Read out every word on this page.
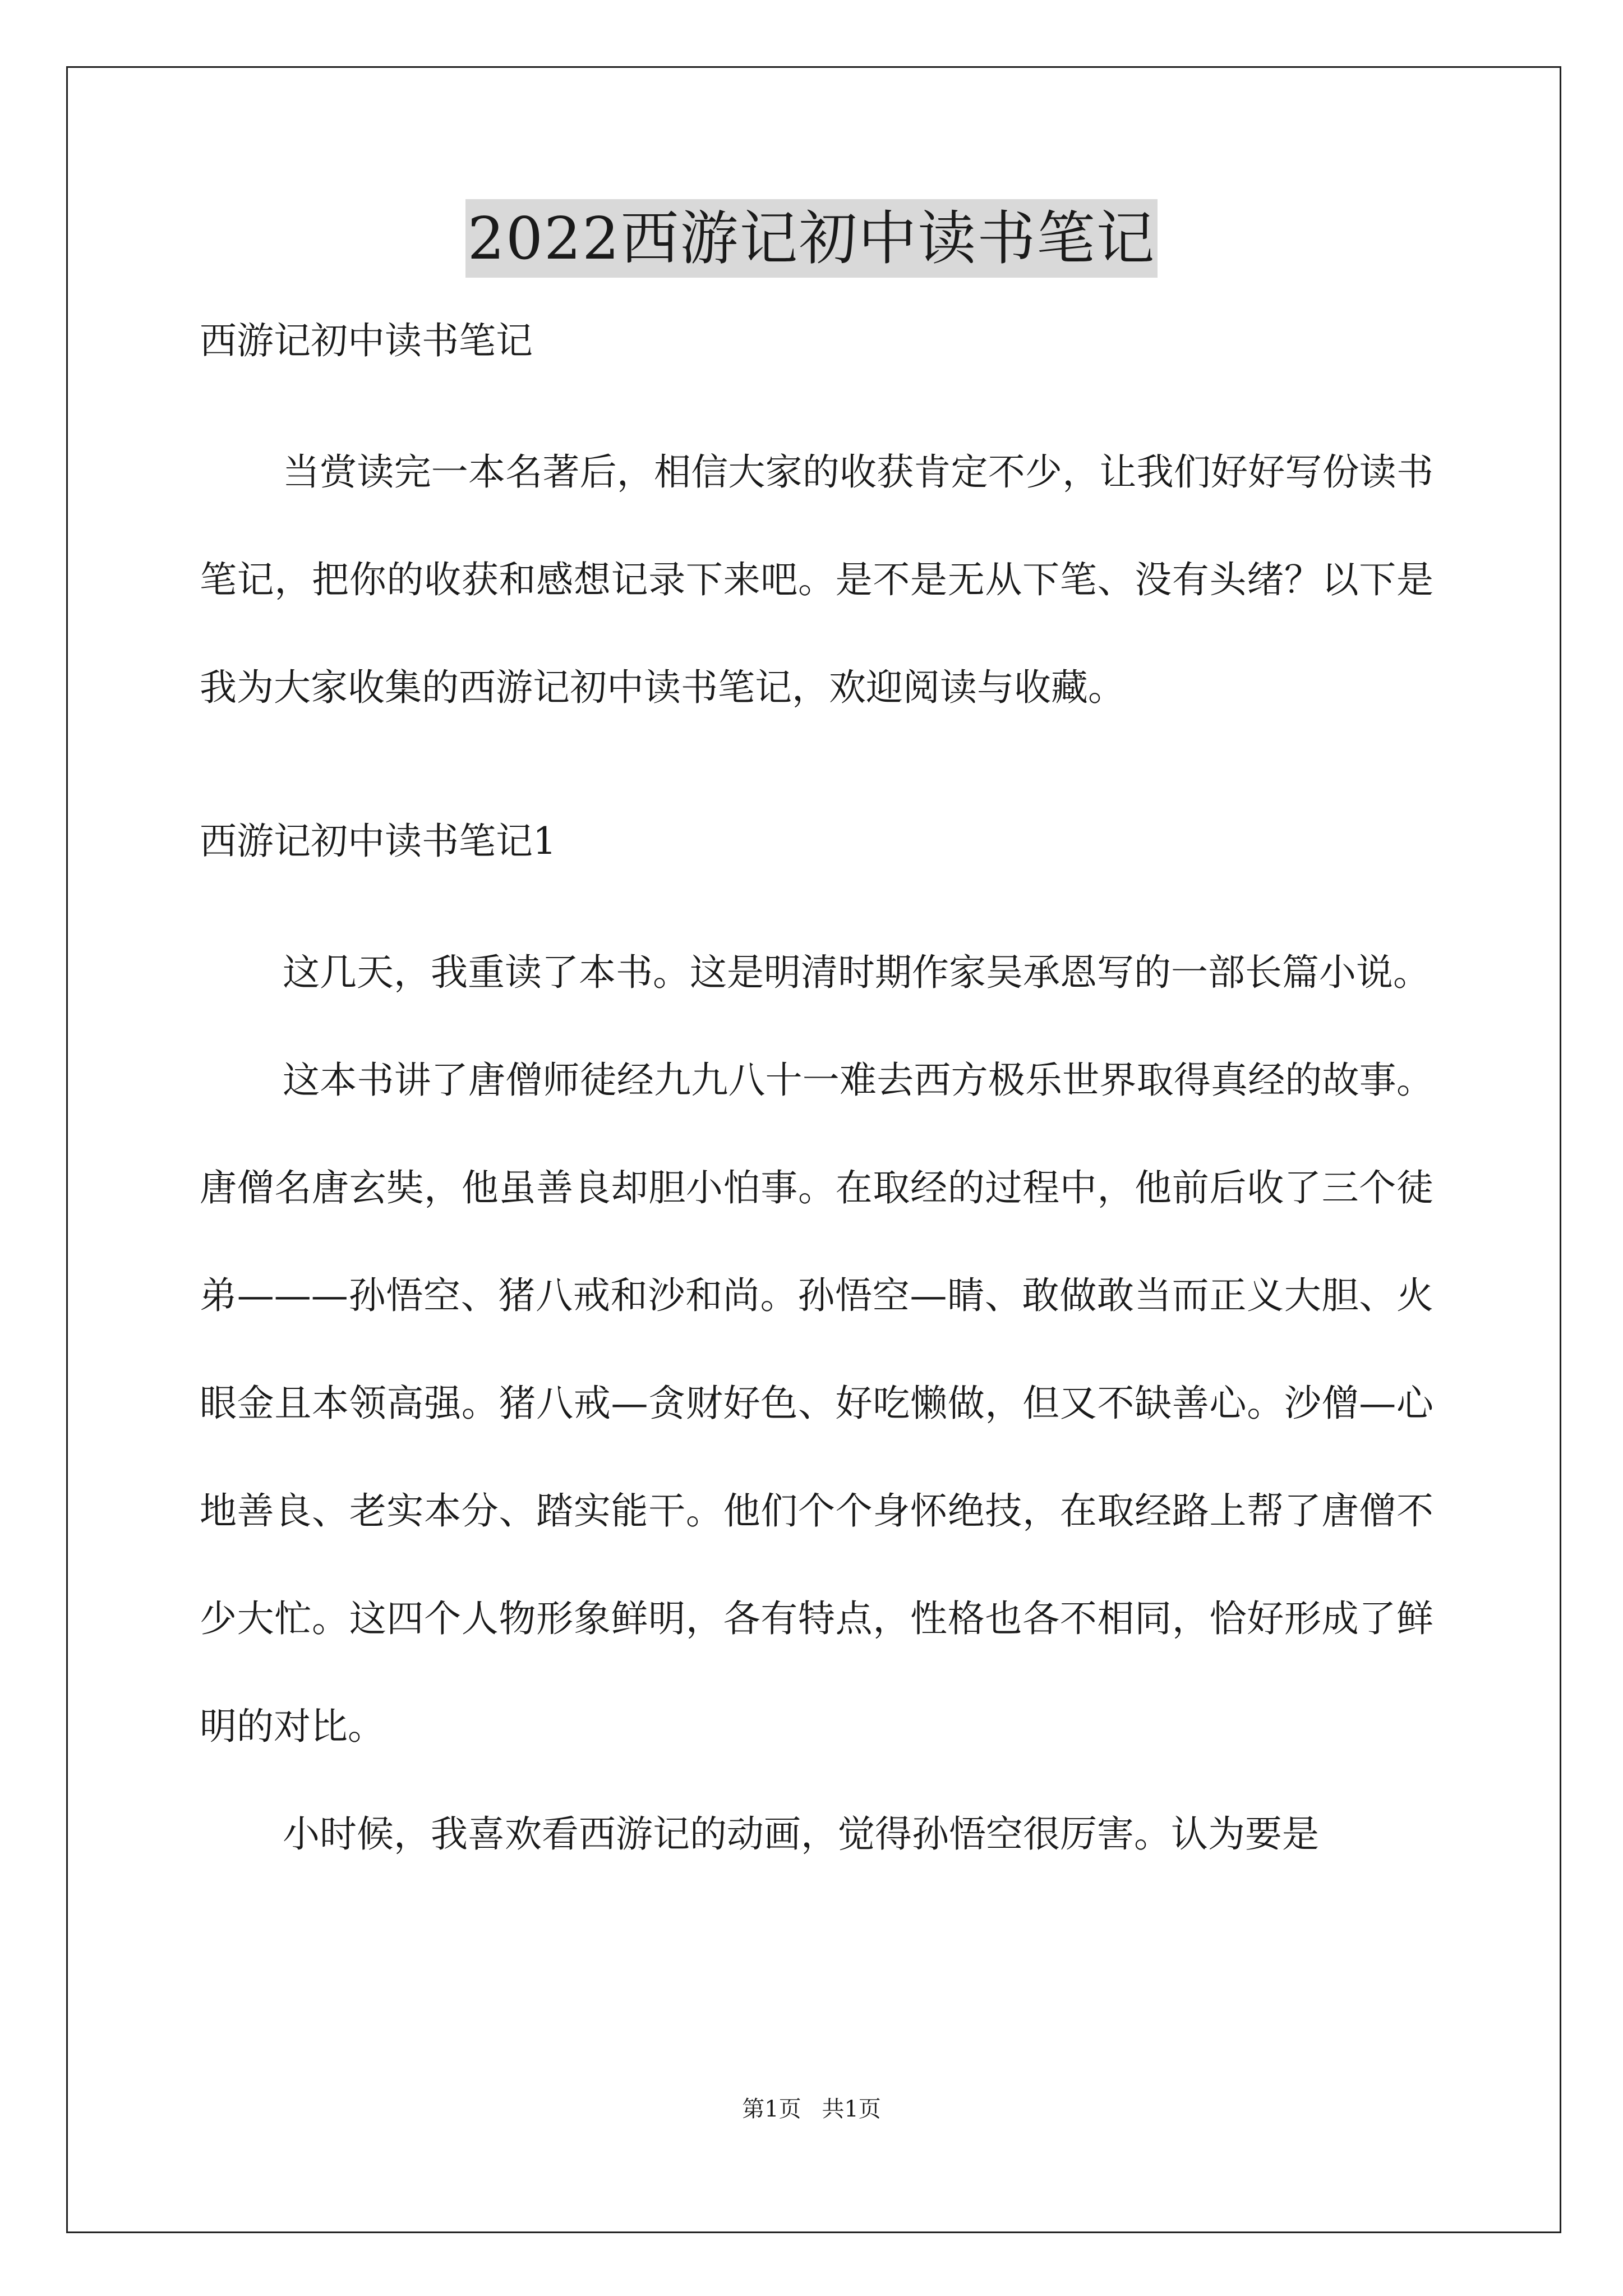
2022西游记初中读书笔记

西游记初中读书笔记

当赏读完一本名著后，相信大家的收获肯定不少，让我们好好写份读书笔记，把你的收获和感想记录下来吧。是不是无从下笔、没有头绪？以下是我为大家收集的西游记初中读书笔记，欢迎阅读与收藏。

西游记初中读书笔记1

这几天，我重读了本书。这是明清时期作家吴承恩写的一部长篇小说。

这本书讲了唐僧师徒经九九八十一难去西方极乐世界取得真经的故事。唐僧名唐玄奘，他虽善良却胆小怕事。在取经的过程中，他前后收了三个徒弟———孙悟空、猪八戒和沙和尚。孙悟空—睛、敢做敢当而正义大胆、火眼金且本领高强。猪八戒—贪财好色、好吃懒做，但又不缺善心。沙僧—心地善良、老实本分、踏实能干。他们个个身怀绝技，在取经路上帮了唐僧不少大忙。这四个人物形象鲜明，各有特点，性格也各不相同，恰好形成了鲜明的对比。

小时候，我喜欢看西游记的动画，觉得孙悟空很厉害。认为要是

第1页 共1页
